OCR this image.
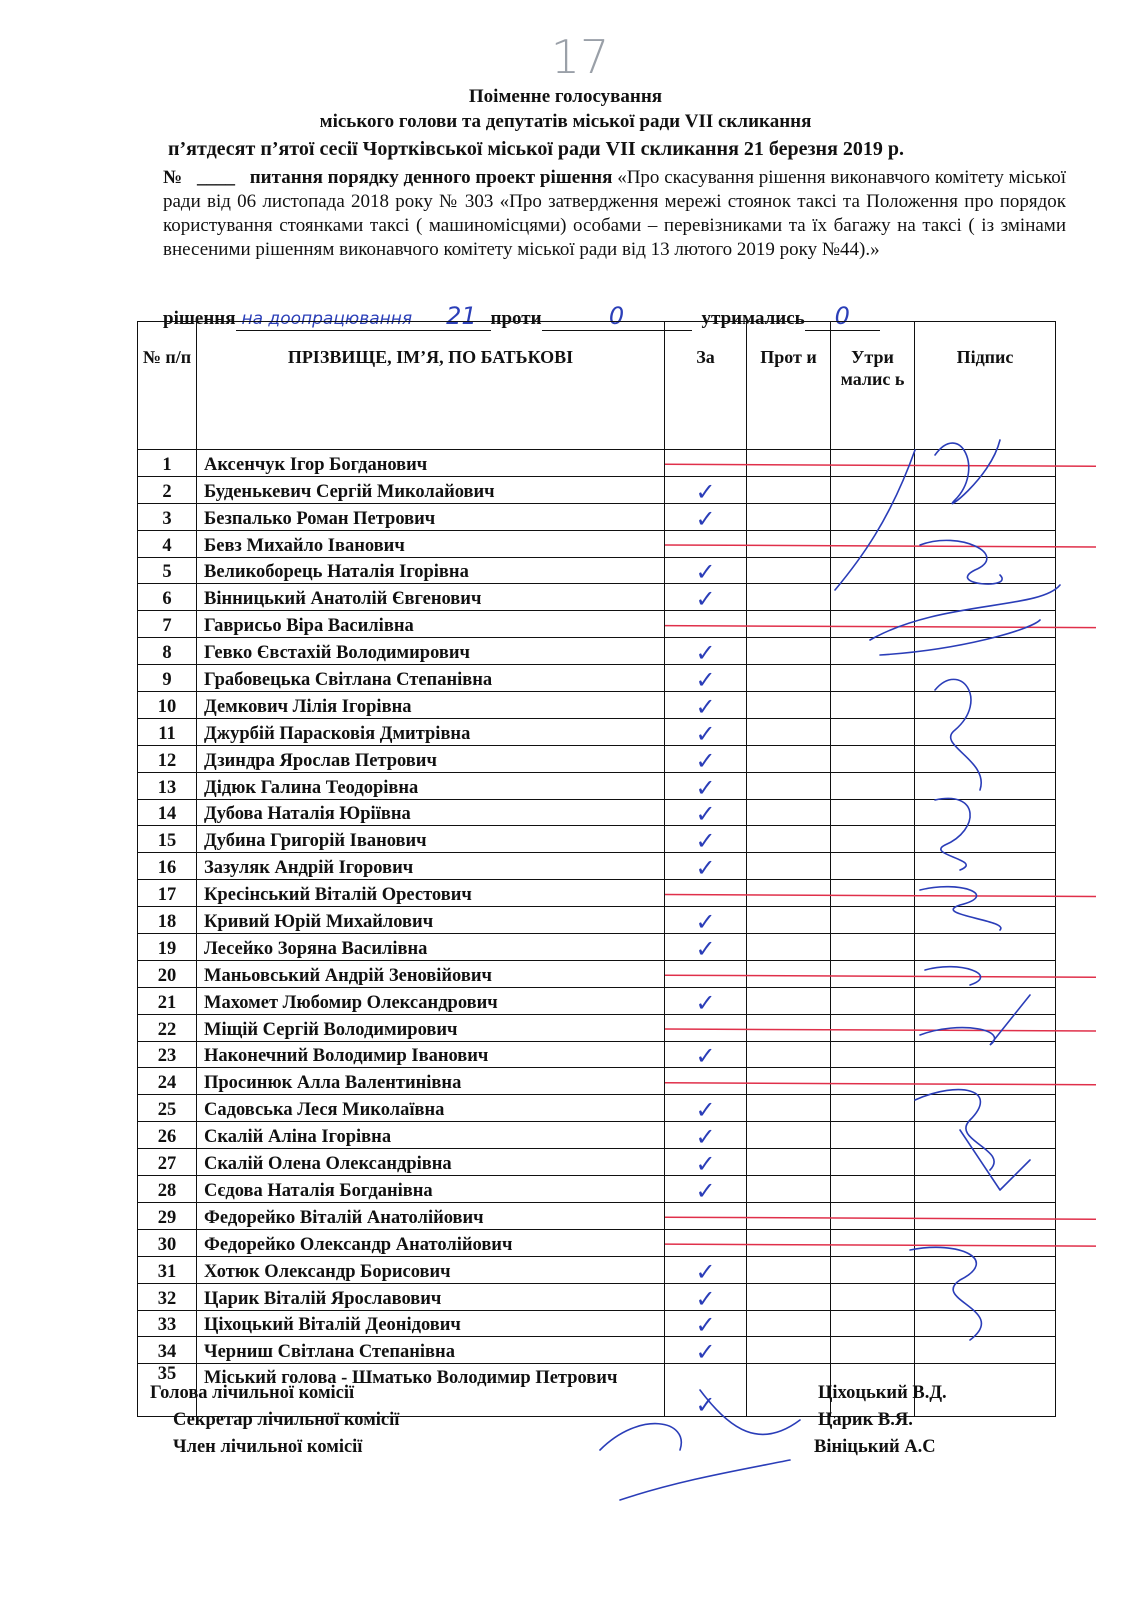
17
Поіменне голосування
міського голови та депутатів міської ради VІІ скликання
п’ятдесят п’ятої сесії Чортківської міської ради VІІ скликання 21 березня 2019 р.
№ ____ питання порядку денного проект рішення «Про скасування рішення виконавчого комітету міської ради від 06 листопада 2018 року № 303 «Про затвердження мережі стоянок таксі та Положення про порядок користування стоянками таксі ( машиномісцями) особами – перевізниками та їх багажу на таксі ( із змінами внесеними рішенням виконавчого комітету міської ради від 13 лютого 2019 року №44).»
рішення на доопрацювання 21 проти	0	утримались 0
№ п/п	ПРІЗВИЩЕ, ІМ’Я, ПО БАТЬКОВІ	За	Прот и	Утри малис ь	Підпис
1	Аксенчук Ігор Богданович				
2	Буденькевич Сергій Миколайович	✓			

3	Безпалько Роман Петрович	✓			

4	Бевз Михайло Іванович				
5	Великоборець Наталія Ігорівна	✓			

6	Вінницький Анатолій Євгенович	✓			

7	Гаврисьо Віра Василівна				
8	Гевко Євстахій Володимирович	✓			

9	Грабовецька Світлана Степанівна	✓			

10	Демкович Лілія Ігорівна	✓			

11	Джурбій Парасковія Дмитрівна	✓			

12	Дзиндра Ярослав Петрович	✓			

13	Дідюк Галина Теодорівна	✓			

14	Дубова Наталія Юріївна	✓			

15	Дубина Григорій Іванович	✓			

16	Зазуляк Андрій Ігорович	✓			

17	Кресінський Віталій Орестович				
18	Кривий Юрій Михайлович	✓			

19	Лесейко Зоряна Василівна	✓			

20	Маньовський Андрій Зеновійович				
21	Махомет Любомир Олександрович	✓			

22	Міщій Сергій Володимирович				
23	Наконечний Володимир Іванович	✓			

24	Просинюк Алла Валентинівна				
25	Садовська Леся Миколаївна	✓			

26	Скалій Аліна Ігорівна	✓			

27	Скалій Олена Олександрівна	✓			

28	Сєдова Наталія Богданівна	✓			

29	Федорейко Віталій Анатолійович				
30	Федорейко Олександр Анатолійович				
31	Хотюк Олександр Борисович	✓			

32	Царик Віталій Ярославович	✓			

33	Ціхоцький Віталій Деонідович	✓			

34	Черниш Світлана Степанівна	✓			

35	Міський голова - Шматько Володимир Петрович	✓			

Голова лічильної комісії
Секретар лічильної комісії
Член лічильної комісії
Ціхоцький В.Д.
Царик В.Я.
Вініцький А.С
